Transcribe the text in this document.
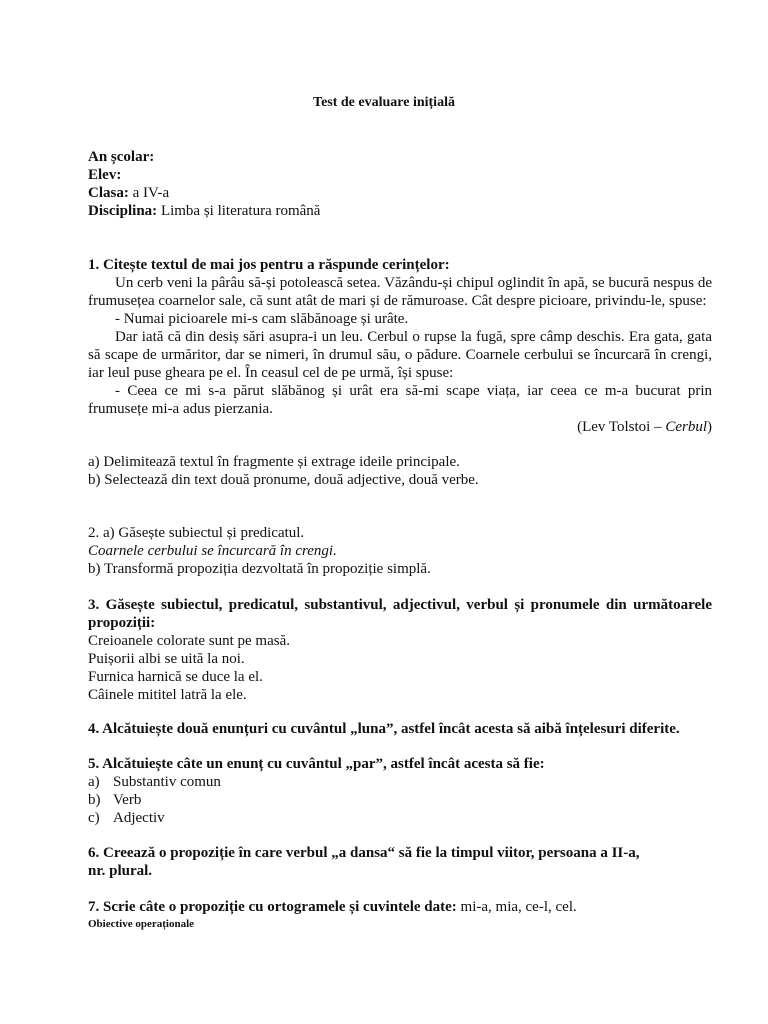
Test de evaluare inițială
An școlar:
Elev:
Clasa: a IV-a
Disciplina: Limba și literatura română
1. Citește textul de mai jos pentru a răspunde cerințelor:
Un cerb veni la pârâu să-și potolească setea. Văzându-și chipul oglindit în apă, se bucură nespus de
frumusețea coarnelor sale, că sunt atât de mari și de rămuroase. Cât despre picioare, privindu-le, spuse:
- Numai picioarele mi-s cam slăbănoage și urâte.
Dar iată că din desiș sări asupra-i un leu. Cerbul o rupse la fugă, spre câmp deschis. Era gata, gata
să scape de urmăritor, dar se nimeri, în drumul său, o pădure. Coarnele cerbului se încurcară în crengi,
iar leul puse gheara pe el. În ceasul cel de pe urmă, își spuse:
- Ceea ce mi s-a părut slăbănog și urât era să-mi scape viața, iar ceea ce m-a bucurat prin
frumusețe mi-a adus pierzania.
(Lev Tolstoi – Cerbul)
a) Delimitează textul în fragmente și extrage ideile principale.
b) Selectează din text două pronume, două adjective, două verbe.
2. a) Găsește subiectul și predicatul.
Coarnele cerbului se încurcară în crengi.
b) Transformă propoziția dezvoltată în propoziție simplă.
3. Găsește subiectul, predicatul, substantivul, adjectivul, verbul și pronumele din următoarele
propoziții:
Creioanele colorate sunt pe masă.
Puișorii albi se uită la noi.
Furnica harnică se duce la el.
Câinele mititel latră la ele.
4. Alcătuiește două enunțuri cu cuvântul „luna”, astfel încât acesta să aibă înțelesuri diferite.
5. Alcătuiește câte un enunț cu cuvântul „par”, astfel încât acesta să fie:
a) Substantiv comun
b) Verb
c) Adjectiv
6. Creează o propoziție în care verbul „a dansa“ să fie la timpul viitor, persoana a II-a,
nr. plural.
7. Scrie câte o propoziție cu ortogramele și cuvintele date: mi-a, mia, ce-l, cel.
Obiective operaționale
